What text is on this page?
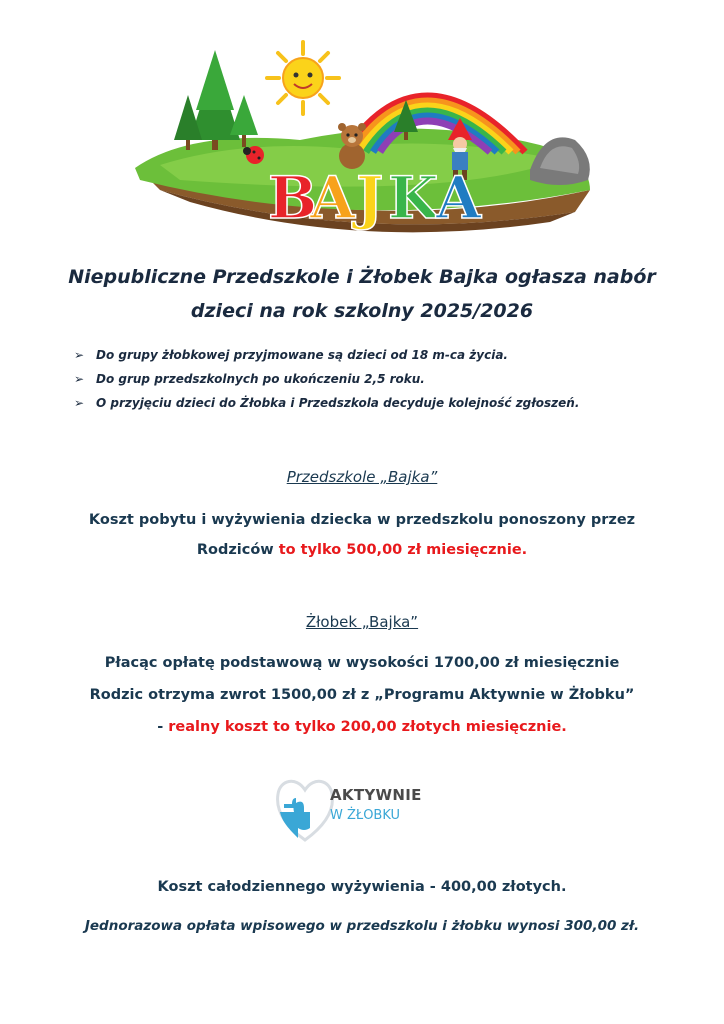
B
A J K
A
Niepubliczne Przedszkole i Żłobek Bajka ogłasza nabór
dzieci na rok szkolny 2025/2026
➢ Do grupy żłobkowej przyjmowane są dzieci od 18 m-ca życia.
➢ Do grup przedszkolnych po ukończeniu 2,5 roku.
➢ O przyjęciu dzieci do Żłobka i Przedszkola decyduje kolejność zgłoszeń.
Przedszkole „Bajka”
Koszt pobytu i wyżywienia dziecka w przedszkolu ponoszony przez
Rodziców to tylko 500,00 zł miesięcznie.
Żłobek „Bajka”
Płacąc opłatę podstawową w wysokości 1700,00 zł miesięcznie
Rodzic otrzyma zwrot 1500,00 zł z „Programu Aktywnie w Żłobku”
- realny koszt to tylko 200,00 złotych miesięcznie.
AKTYWNIE
W ŻŁOBKU
Koszt całodziennego wyżywienia - 400,00 złotych.
Jednorazowa opłata wpisowego w przedszkolu i żłobku wynosi 300,00 zł.
